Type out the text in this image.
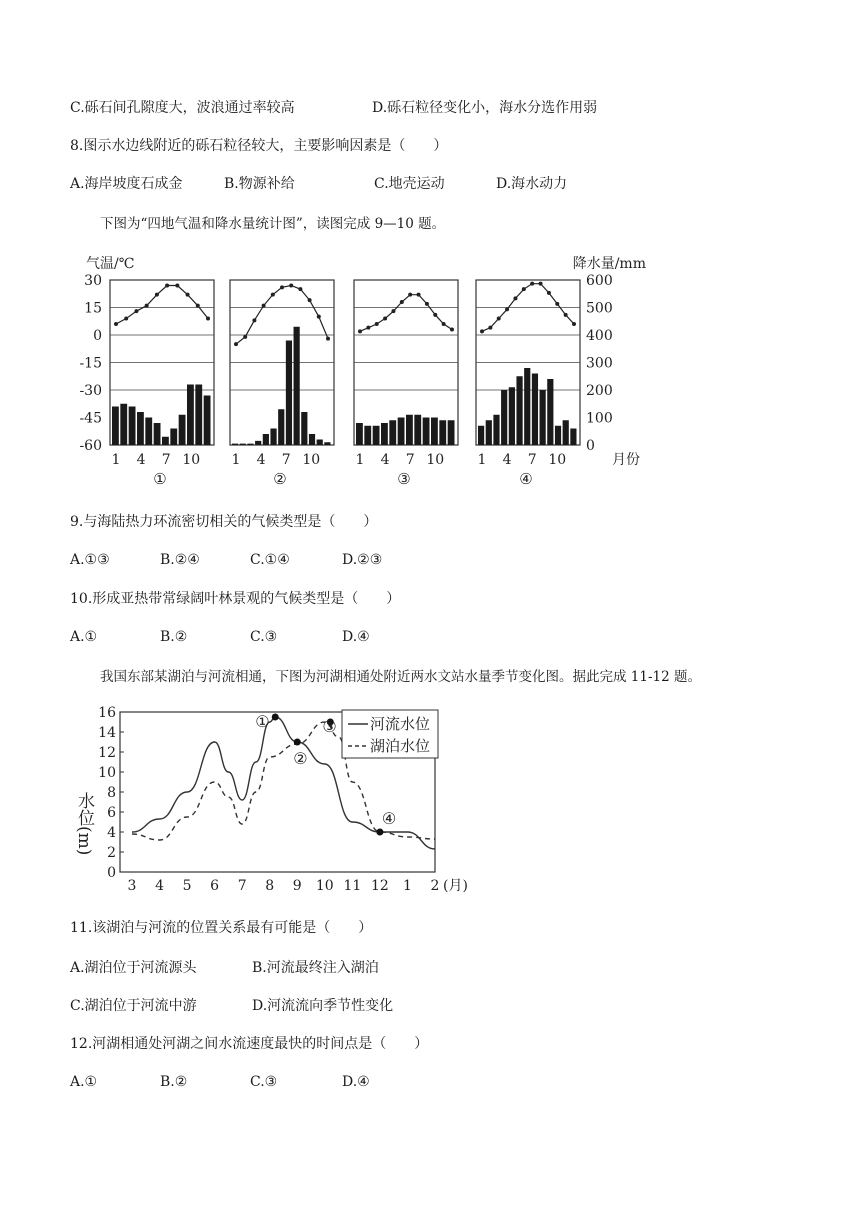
C.砾石间孔隙度大，波浪通过率较高	D.砾石粒径变化小，海水分选作用弱
8.图示水边线附近的砾石粒径较大，主要影响因素是（　　）
A.海岸坡度石成金	B.物源补给	C.地壳运动	D.海水动力
下图为“四地气温和降水量统计图”，读图完成 9—10 题。
气温/℃	降水量/mm
30
15
0
-15
-30
-45
-60
600
500
400
300
200
100
0
1 4 7 10
①
1 4 7 10
②
1 4 7 10
③
1 4 7 10
④
月份
9.与海陆热力环流密切相关的气候类型是（　　）
A.①③	B.②④	C.①④	D.②③
10.形成亚热带常绿阔叶林景观的气候类型是（　　）
A.①	B.②	C.③	D.④
我国东部某湖泊与河流相通，下图为河湖相通处附近两水文站水量季节变化图。据此完成 11-12 题。
水位(m)
0
2
4
6
8
10
12
14
16
3 4 5 6 7 8 9 10 11 12 1 2 (月)
①
②
③
④
河流水位
湖泊水位
11.该湖泊与河流的位置关系最有可能是（　　）
A.湖泊位于河流源头	B.河流最终注入湖泊
C.湖泊位于河流中游	D.河流流向季节性变化
12.河湖相通处河湖之间水流速度最快的时间点是（　　）
A.①	B.②	C.③	D.④
